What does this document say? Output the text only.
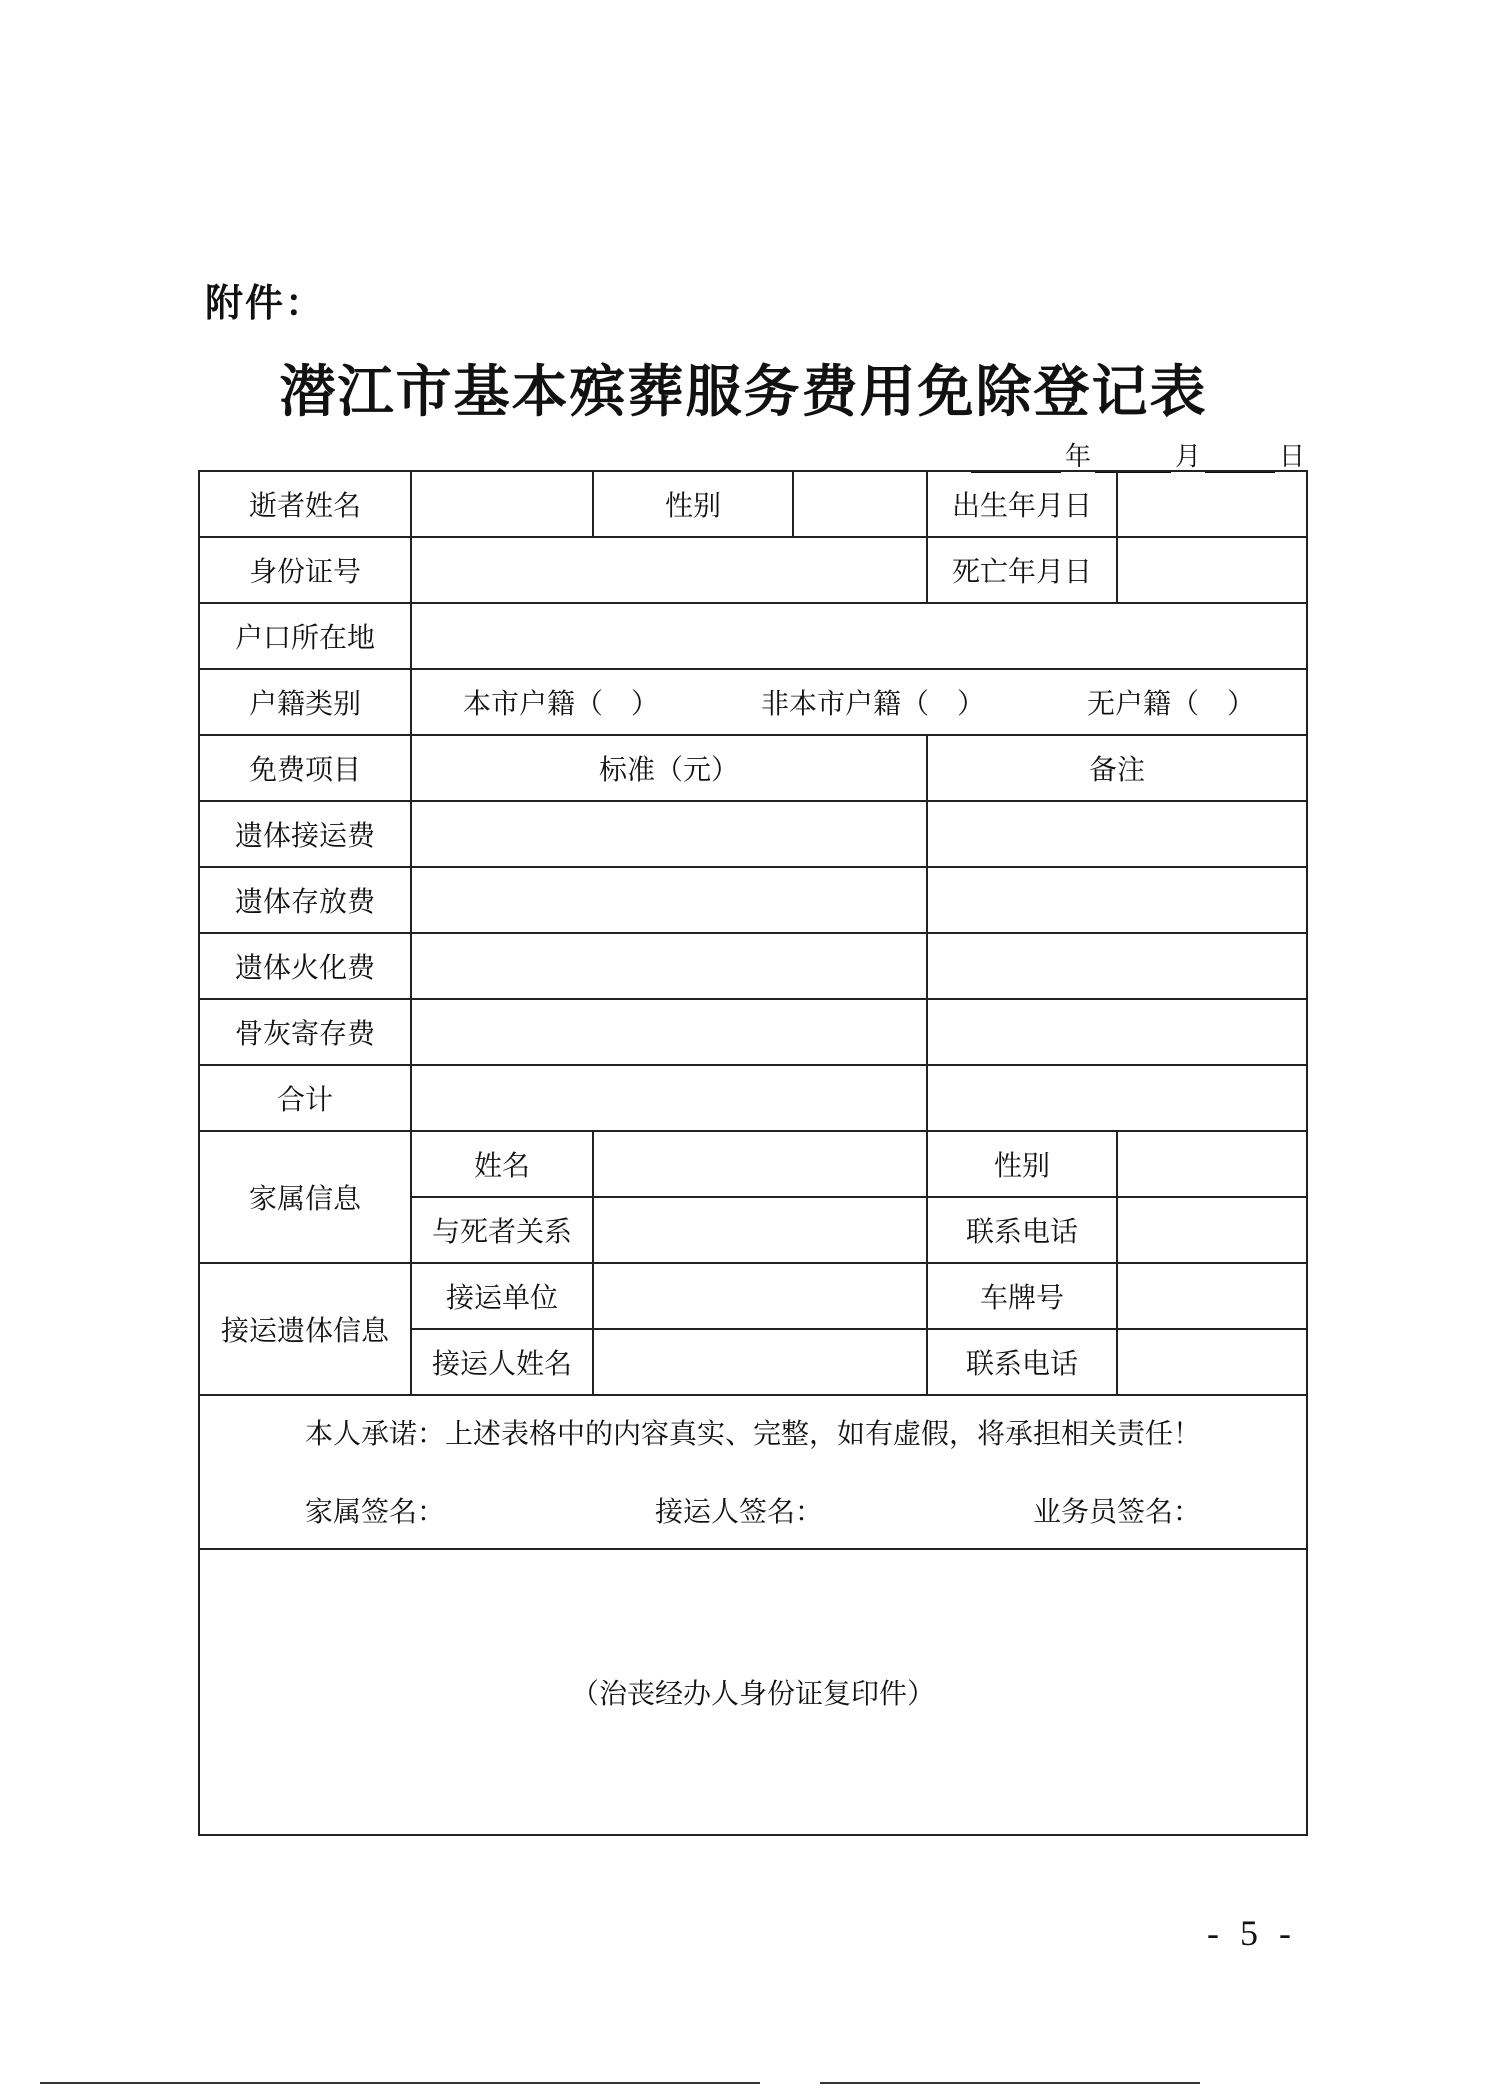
附件：
潜江市基本殡葬服务费用免除登记表
年	月	日
逝者姓名		性别		出生年月日	
身份证号				死亡年月日	
户口所在地					
户籍类别	本市户籍（　） 非本市户籍（　） 无户籍（　）				

免费项目	标准（元）			备注	
遗体接运费					
遗体存放费					
遗体火化费					
骨灰寄存费					
合计					
家属信息	姓名			性别	
	与死者关系			联系电话	
接运遗体信息	接运单位			车牌号	
	接运人姓名			联系电话	

本人承诺：上述表格中的内容真实、完整，如有虚假，将承担相关责任！
家属签名： 接运人签名： 业务员签名：					

（治丧经办人身份证复印件）					
- 5 -
